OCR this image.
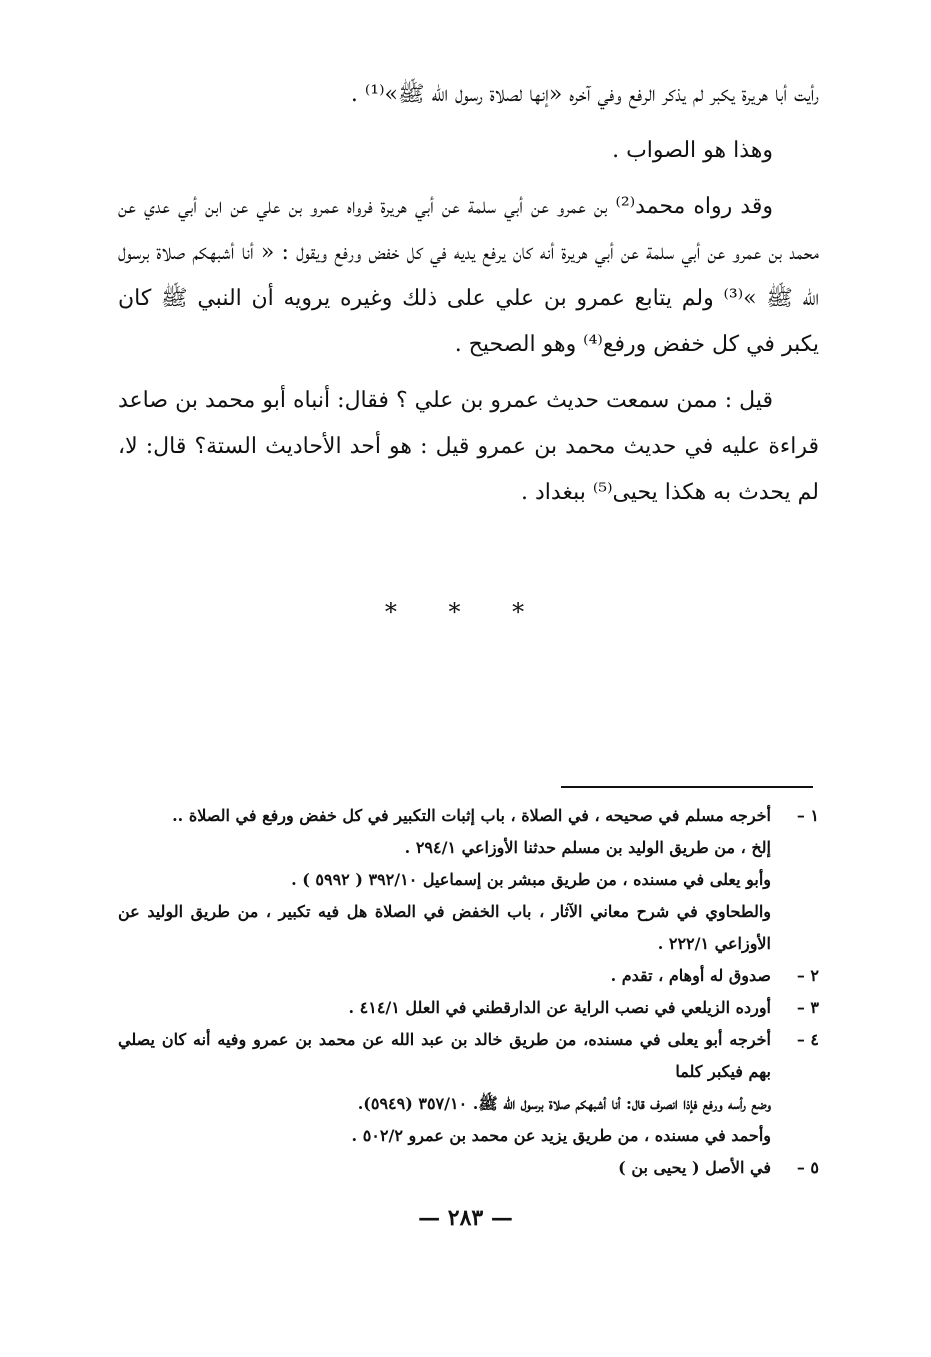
رأيت أبا هريرة يكبر لم يذكر الرفع وفي آخره «إنها لصلاة رسول الله ﷺ»⁽¹⁾ .

وهذا هو الصواب .

وقد رواه محمد⁽²⁾ بن عمرو عن أبي سلمة عن أبي هريرة فرواه عمرو بن علي عن ابن أبي عدي عن محمد بن عمرو عن أبي سلمة عن أبي هريرة أنه كان يرفع يديه في كل خفض ورفع ويقول : « أنا أشبهكم صلاة برسول الله ﷺ »⁽³⁾ ولم يتابع عمرو بن علي على ذلك وغيره يرويه أن النبي ﷺ كان يكبر في كل خفض ورفع⁽⁴⁾ وهو الصحيح .

قيل : ممن سمعت حديث عمرو بن علي ؟ فقال: أنباه أبو محمد بن صاعد قراءة عليه في حديث محمد بن عمرو قيل : هو أحد الأحاديث الستة؟ قال: لا، لم يحدث به هكذا يحيى⁽⁵⁾ ببغداد .

* * *
١ –
أخرجه مسلم في صحيحه ، في الصلاة ، باب إثبات التكبير في كل خفض ورفع في الصلاة ..
إلخ ، من طريق الوليد بن مسلم حدثنا الأوزاعي ٢٩٤/١ .
وأبو يعلى في مسنده ، من طريق مبشر بن إسماعيل ٣٩٢/١٠ ( ٥٩٩٢ ) .
والطحاوي في شرح معاني الآثار ، باب الخفض في الصلاة هل فيه تكبير ، من طريق الوليد عن الأوزاعي ٢٢٢/١ .
٢ –
صدوق له أوهام ، تقدم .
٣ –
أورده الزيلعي في نصب الراية عن الدارقطني في العلل ٤١٤/١ .
٤ –
أخرجه أبو يعلى في مسنده، من طريق خالد بن عبد الله عن محمد بن عمرو وفيه أنه كان يصلي بهم فيكبر كلما
وضع رأسه ورفع فإذا انصرف قال: أنا أشبهكم صلاة برسول الله ﷺ. ٣٥٧/١٠ (٥٩٤٩).
وأحمد في مسنده ، من طريق يزيد عن محمد بن عمرو ٥٠٢/٢ .
٥ –
في الأصل ( يحيى بن )
— ٢٨٣ —
